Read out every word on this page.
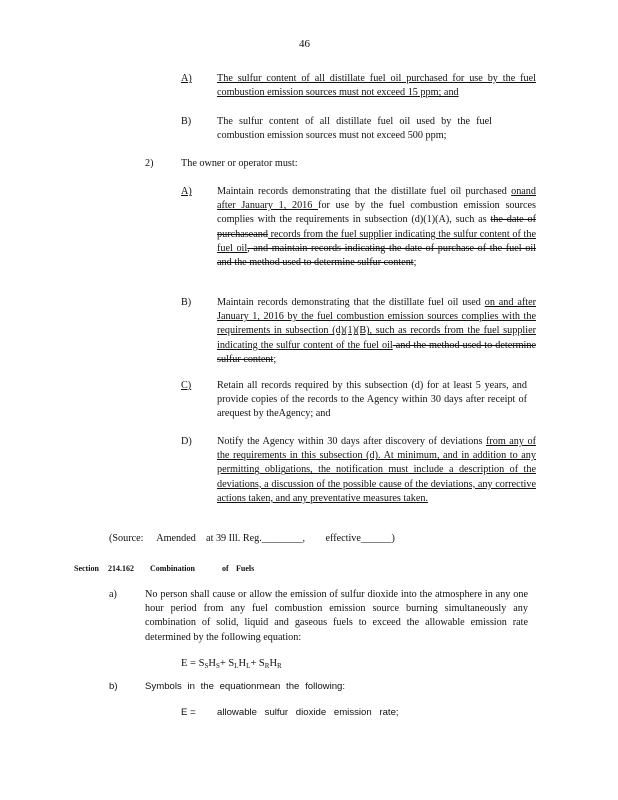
46
A) The sulfur content of all distillate fuel oil purchased for use by the fuel combustion emission sources must not exceed 15 ppm; and
B)	The sulfur content of all distillate fuel oil used by the fuel combustion emission sources must not exceed 500 ppm;
2)	The owner or operator must:
A) Maintain records demonstrating that the distillate fuel oil purchased onand after January 1, 2016 for use by the fuel combustion emission sources complies with the requirements in subsection (d)(1)(A), such as the date of purchaseand records from the fuel supplier indicating the sulfur content of the fuel oil, and maintain records indicating the date of purchase of the fuel oil and the method used to determine sulfur content;
B)	Maintain records demonstrating that the distillate fuel oil used on and after January 1, 2016 by the fuel combustion emission sources complies with the requirements in subsection (d)(1)(B), such as records from the fuel supplier indicating the sulfur content of the fuel oil and the method used to determine sulfur content;
C)	Retain all records required by this subsection (d) for at least 5 years, and provide copies of the records to the Agency within 30 days after receipt of arequest by theAgency; and
D) Notify the Agency within 30 days after discovery of deviations from any of the requirements in this subsection (d). At minimum, and in addition to any permitting obligations, the notification must include a description of the deviations, a discussion of the possible cause of the deviations, any corrective actions taken, and any preventative measures taken.
(Source: Amended at 39 Ill. Reg.________, effective______)
Section 214.162 Combination	of Fuels
a)	No person shall cause or allow the emission of sulfur dioxide into the atmosphere in any one hour period from any fuel combustion emission source burning simultaneously any combination of solid, liquid and gaseous fuels to exceed the allowable emission rate determined by the following equation:
$E = S_SH_S+ S_LH_L+ S_RH_R$
b)	Symbols in the equationmean the following:
E = allowable sulfur dioxide emission rate;
